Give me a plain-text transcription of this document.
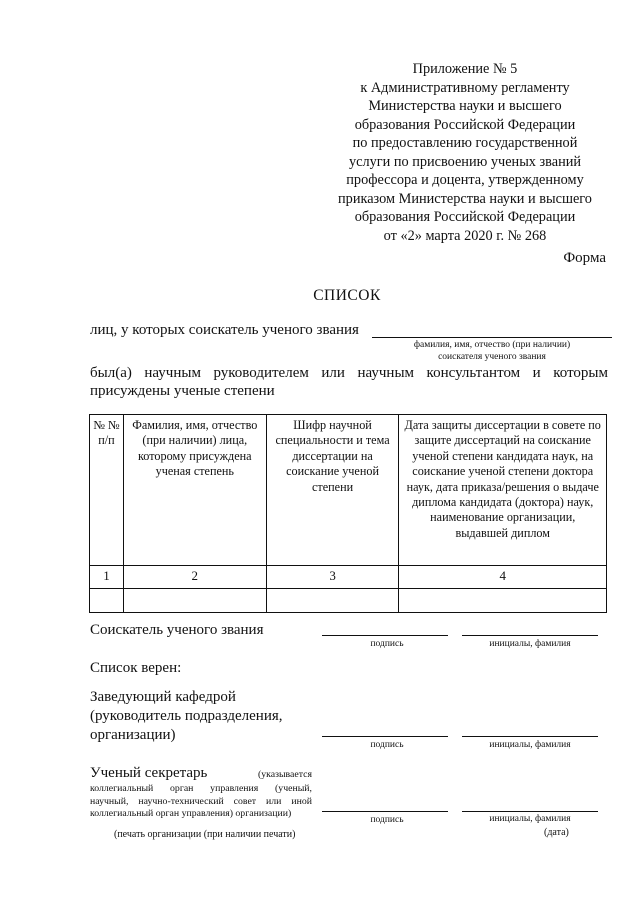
Приложение № 5
к Административному регламенту
Министерства науки и высшего
образования Российской Федерации
по предоставлению государственной
услуги по присвоению ученых званий
профессора и доцента, утвержденному
приказом Министерства науки и высшего
образования Российской Федерации
от «2» марта 2020 г. № 268
Форма
СПИСОК
лиц, у которых соискатель ученого звания
фамилия, имя, отчество (при наличии)
соискателя ученого звания
был(а) научным руководителем или научным консультантом и которым присуждены ученые степени
№ № п/п	Фамилия, имя, отчество (при наличии) лица, которому присуждена ученая степень	Шифр научной специальности и тема диссертации на соискание ученой степени	Дата защиты диссертации в совете по защите диссертаций на соискание ученой степени кандидата наук, на соискание ученой степени доктора наук, дата приказа/решения о выдаче диплома кандидата (доктора) наук, наименование организации, выдавшей диплом
1	2	3	4

Соискатель ученого звания
подпись	инициалы, фамилия
Список верен:
Заведующий кафедрой
(руководитель подразделения,
организации)
подпись	инициалы, фамилия
Ученый секретарь	(указывается
коллегиальный орган управления (ученый,
научный, научно-технический совет или иной
коллегиальный орган управления) организации)
подпись	инициалы, фамилия
(печать организации (при наличии печати)	(дата)
